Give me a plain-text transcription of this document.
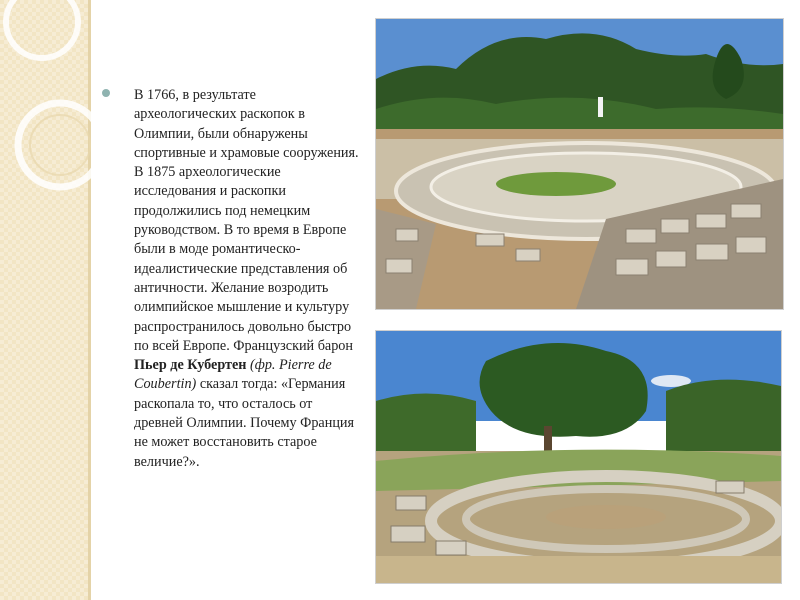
В 1766, в результате археологических раскопок в Олимпии, были обнаружены спортивные и храмовые сооружения. В 1875 археологические исследования и раскопки продолжились под немецким руководством. В то время в Европе были в моде романтическо-идеалистические представления об античности. Желание возродить олимпийское мышление и культуру распространилось довольно быстро по всей Европе. Французский барон Пьер де Кубертен (фр. Pierre de Coubertin) сказал тогда: «Германия раскопала то, что осталось от древней Олимпии. Почему Франция не может восстановить старое величие?».
